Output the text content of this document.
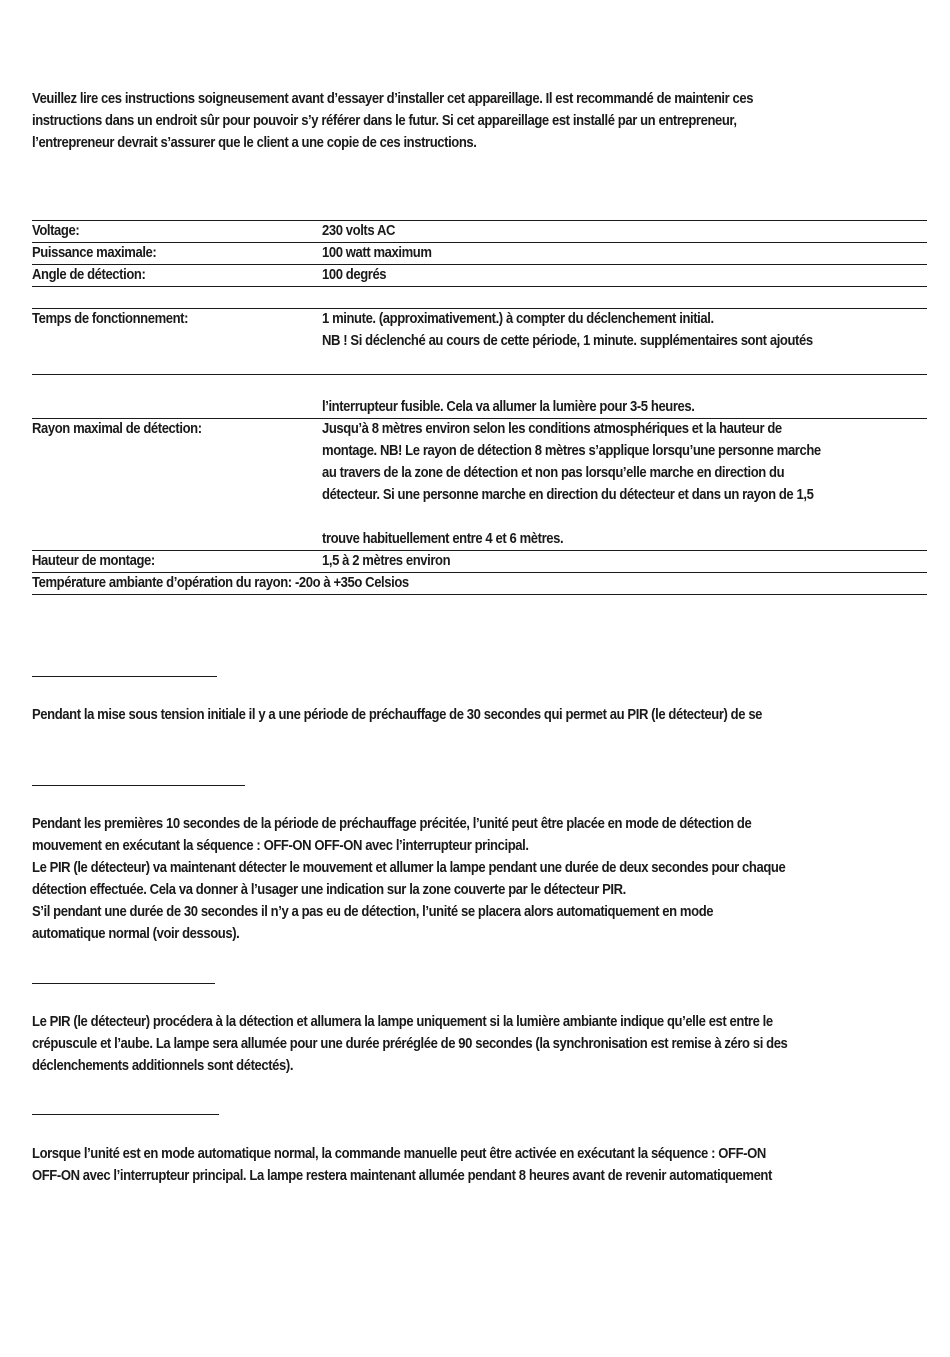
Veuillez lire ces instructions soigneusement avant d’essayer d’installer cet appareillage. Il est recommandé de maintenir ces
instructions dans un endroit sûr pour pouvoir s’y référer dans le futur. Si cet appareillage est installé par un entrepreneur,
l’entrepreneur devrait s’assurer que le client a une copie de ces instructions.
Voltage:	230 volts AC
Puissance maximale:	100 watt maximum
Angle de détection:	100 degrés
Temps de fonctionnement:	1 minute. (approximativement.) à compter du déclenchement initial.
NB ! Si déclenché au cours de cette période, 1 minute. supplémentaires sont ajoutés
l’interrupteur fusible. Cela va allumer la lumière pour 3-5 heures.
Rayon maximal de détection:	Jusqu’à 8 mètres environ selon les conditions atmosphériques et la hauteur de
montage. NB! Le rayon de détection 8 mètres s’applique lorsqu’une personne marche
au travers de la zone de détection et non pas lorsqu’elle marche en direction du
détecteur. Si une personne marche en direction du détecteur et dans un rayon de 1,5
trouve habituellement entre 4 et 6 mètres.
Hauteur de montage:	1,5 à 2 mètres environ
Température ambiante d’opération du rayon: -20o à +35o Celsios
Pendant la mise sous tension initiale il y a une période de préchauffage de 30 secondes qui permet au PIR (le détecteur) de se
Pendant les premières 10 secondes de la période de préchauffage précitée, l’unité peut être placée en mode de détection de
mouvement en exécutant la séquence : OFF-ON OFF-ON avec l’interrupteur principal.
Le PIR (le détecteur) va maintenant détecter le mouvement et allumer la lampe pendant une durée de deux secondes pour chaque
détection effectuée. Cela va donner à l’usager une indication sur la zone couverte par le détecteur PIR.
S’il pendant une durée de 30 secondes il n’y a pas eu de détection, l’unité se placera alors automatiquement en mode
automatique normal (voir dessous).
Le PIR (le détecteur) procédera à la détection et allumera la lampe uniquement si la lumière ambiante indique qu’elle est entre le
crépuscule et l’aube. La lampe sera allumée pour une durée préréglée de 90 secondes (la synchronisation est remise à zéro si des
déclenchements additionnels sont détectés).
Lorsque l’unité est en mode automatique normal, la commande manuelle peut être activée en exécutant la séquence : OFF-ON
OFF-ON avec l’interrupteur principal. La lampe restera maintenant allumée pendant 8 heures avant de revenir automatiquement
